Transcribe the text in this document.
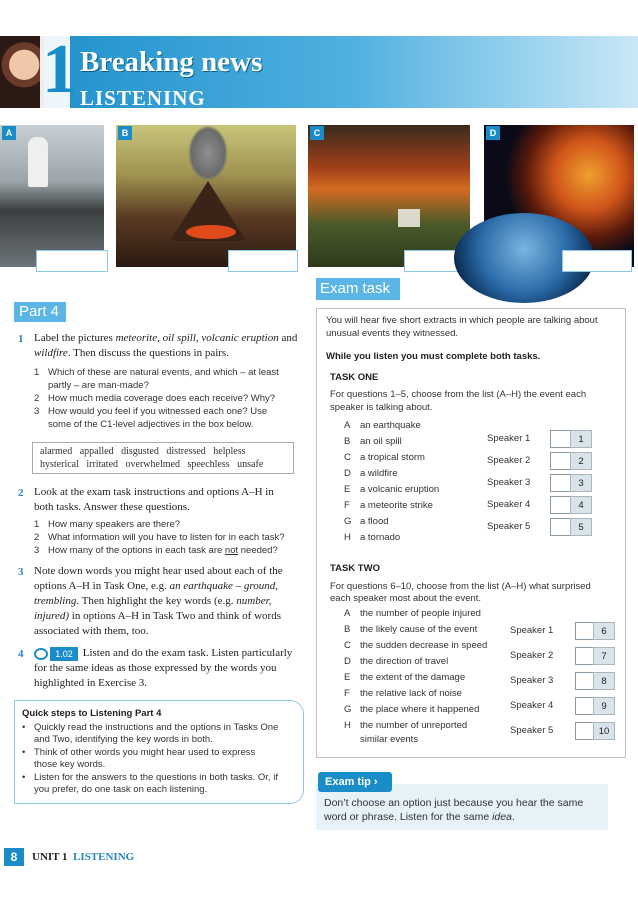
1 Breaking news
LISTENING
A	B	C	D
Part 4
1 Label the pictures meteorite, oil spill, volcanic eruption and
wildfire. Then discuss the questions in pairs.
1 Which of these are natural events, and which – at least
partly – are man-made?
2 How much media coverage does each receive? Why?
3 How would you feel if you witnessed each one? Use
some of the C1-level adjectives in the box below.
alarmed   appalled   disgusted   distressed   helpless
hysterical   irritated   overwhelmed   speechless   unsafe
2 Look at the exam task instructions and options A–H in
both tasks. Answer these questions.
1 How many speakers are there?
2 What information will you have to listen for in each task?
3 How many of the options in each task are not needed?
3 Note down words you might hear used about each of the
options A–H in Task One, e.g. an earthquake – ground,
trembling. Then highlight the key words (e.g. number,
injured) in options A–H in Task Two and think of words
associated with them, too.
4	1.02 Listen and do the exam task. Listen particularly
for the same ideas as those expressed by the words you
highlighted in Exercise 3.
Quick steps to Listening Part 4
• Quickly read the instructions and the options in Tasks One
and Two, identifying the key words in both.
• Think of other words you might hear used to express
those key words.
• Listen for the answers to the questions in both tasks. Or, if
you prefer, do one task on each listening.
Exam task
You will hear five short extracts in which people are talking about
unusual events they witnessed.
While you listen you must complete both tasks.
TASK ONE
For questions 1–5, choose from the list (A–H) the event each
speaker is talking about.
A an earthquake
B an oil spill
C a tropical storm
D a wildfire
E a volcanic eruption
F a meteorite strike
G a flood
H a tornado
Speaker 1	1
Speaker 2	2
Speaker 3	3
Speaker 4	4
Speaker 5	5
TASK TWO
For questions 6–10, choose from the list (A–H) what surprised
each speaker most about the event.
A the number of people injured
B the likely cause of the event
C the sudden decrease in speed
D the direction of travel
E the extent of the damage
F the relative lack of noise
G the place where it happened
H the number of unreported
similar events
Speaker 1	6
Speaker 2	7
Speaker 3	8
Speaker 4	9
Speaker 5	10
Exam tip ›
Don’t choose an option just because you hear the same
word or phrase. Listen for the same idea.
8	UNIT 1 LISTENING
